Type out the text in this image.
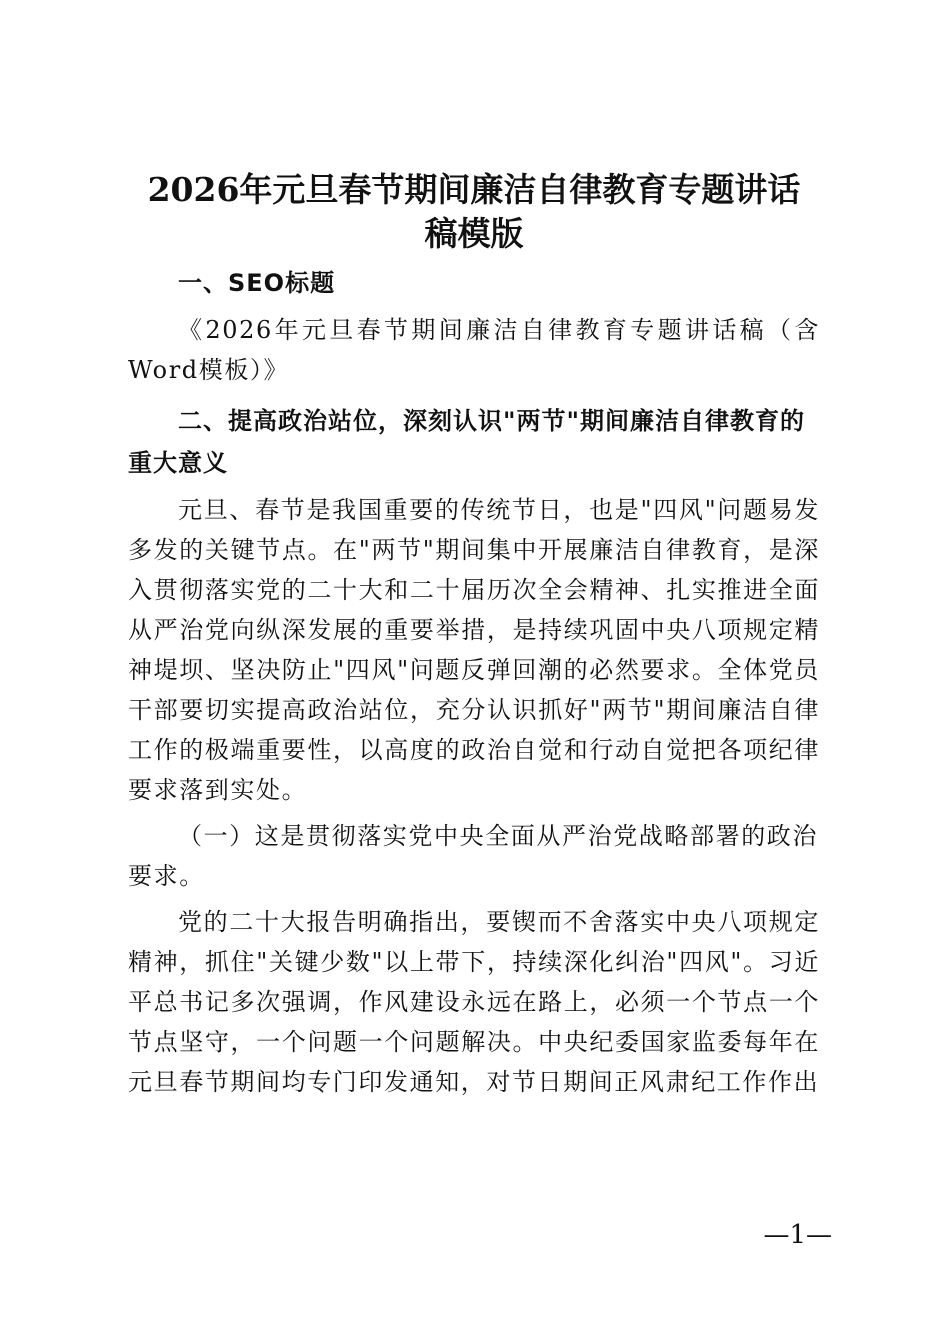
2026年元旦春节期间廉洁自律教育专题讲话
稿模版

一、SEO标题

《2026年元旦春节期间廉洁自律教育专题讲话稿（含Word模板）》

二、提高政治站位，深刻认识"两节"期间廉洁自律教育的重大意义

元旦、春节是我国重要的传统节日，也是"四风"问题易发多发的关键节点。在"两节"期间集中开展廉洁自律教育，是深入贯彻落实党的二十大和二十届历次全会精神、扎实推进全面从严治党向纵深发展的重要举措，是持续巩固中央八项规定精神堤坝、坚决防止"四风"问题反弹回潮的必然要求。全体党员干部要切实提高政治站位，充分认识抓好"两节"期间廉洁自律工作的极端重要性，以高度的政治自觉和行动自觉把各项纪律要求落到实处。

（一）这是贯彻落实党中央全面从严治党战略部署的政治要求。

党的二十大报告明确指出，要锲而不舍落实中央八项规定精神，抓住"关键少数"以上带下，持续深化纠治"四风"。习近平总书记多次强调，作风建设永远在路上，必须一个节点一个节点坚守，一个问题一个问题解决。中央纪委国家监委每年在元旦春节期间均专门印发通知，对节日期间正风肃纪工作作出

—1—
